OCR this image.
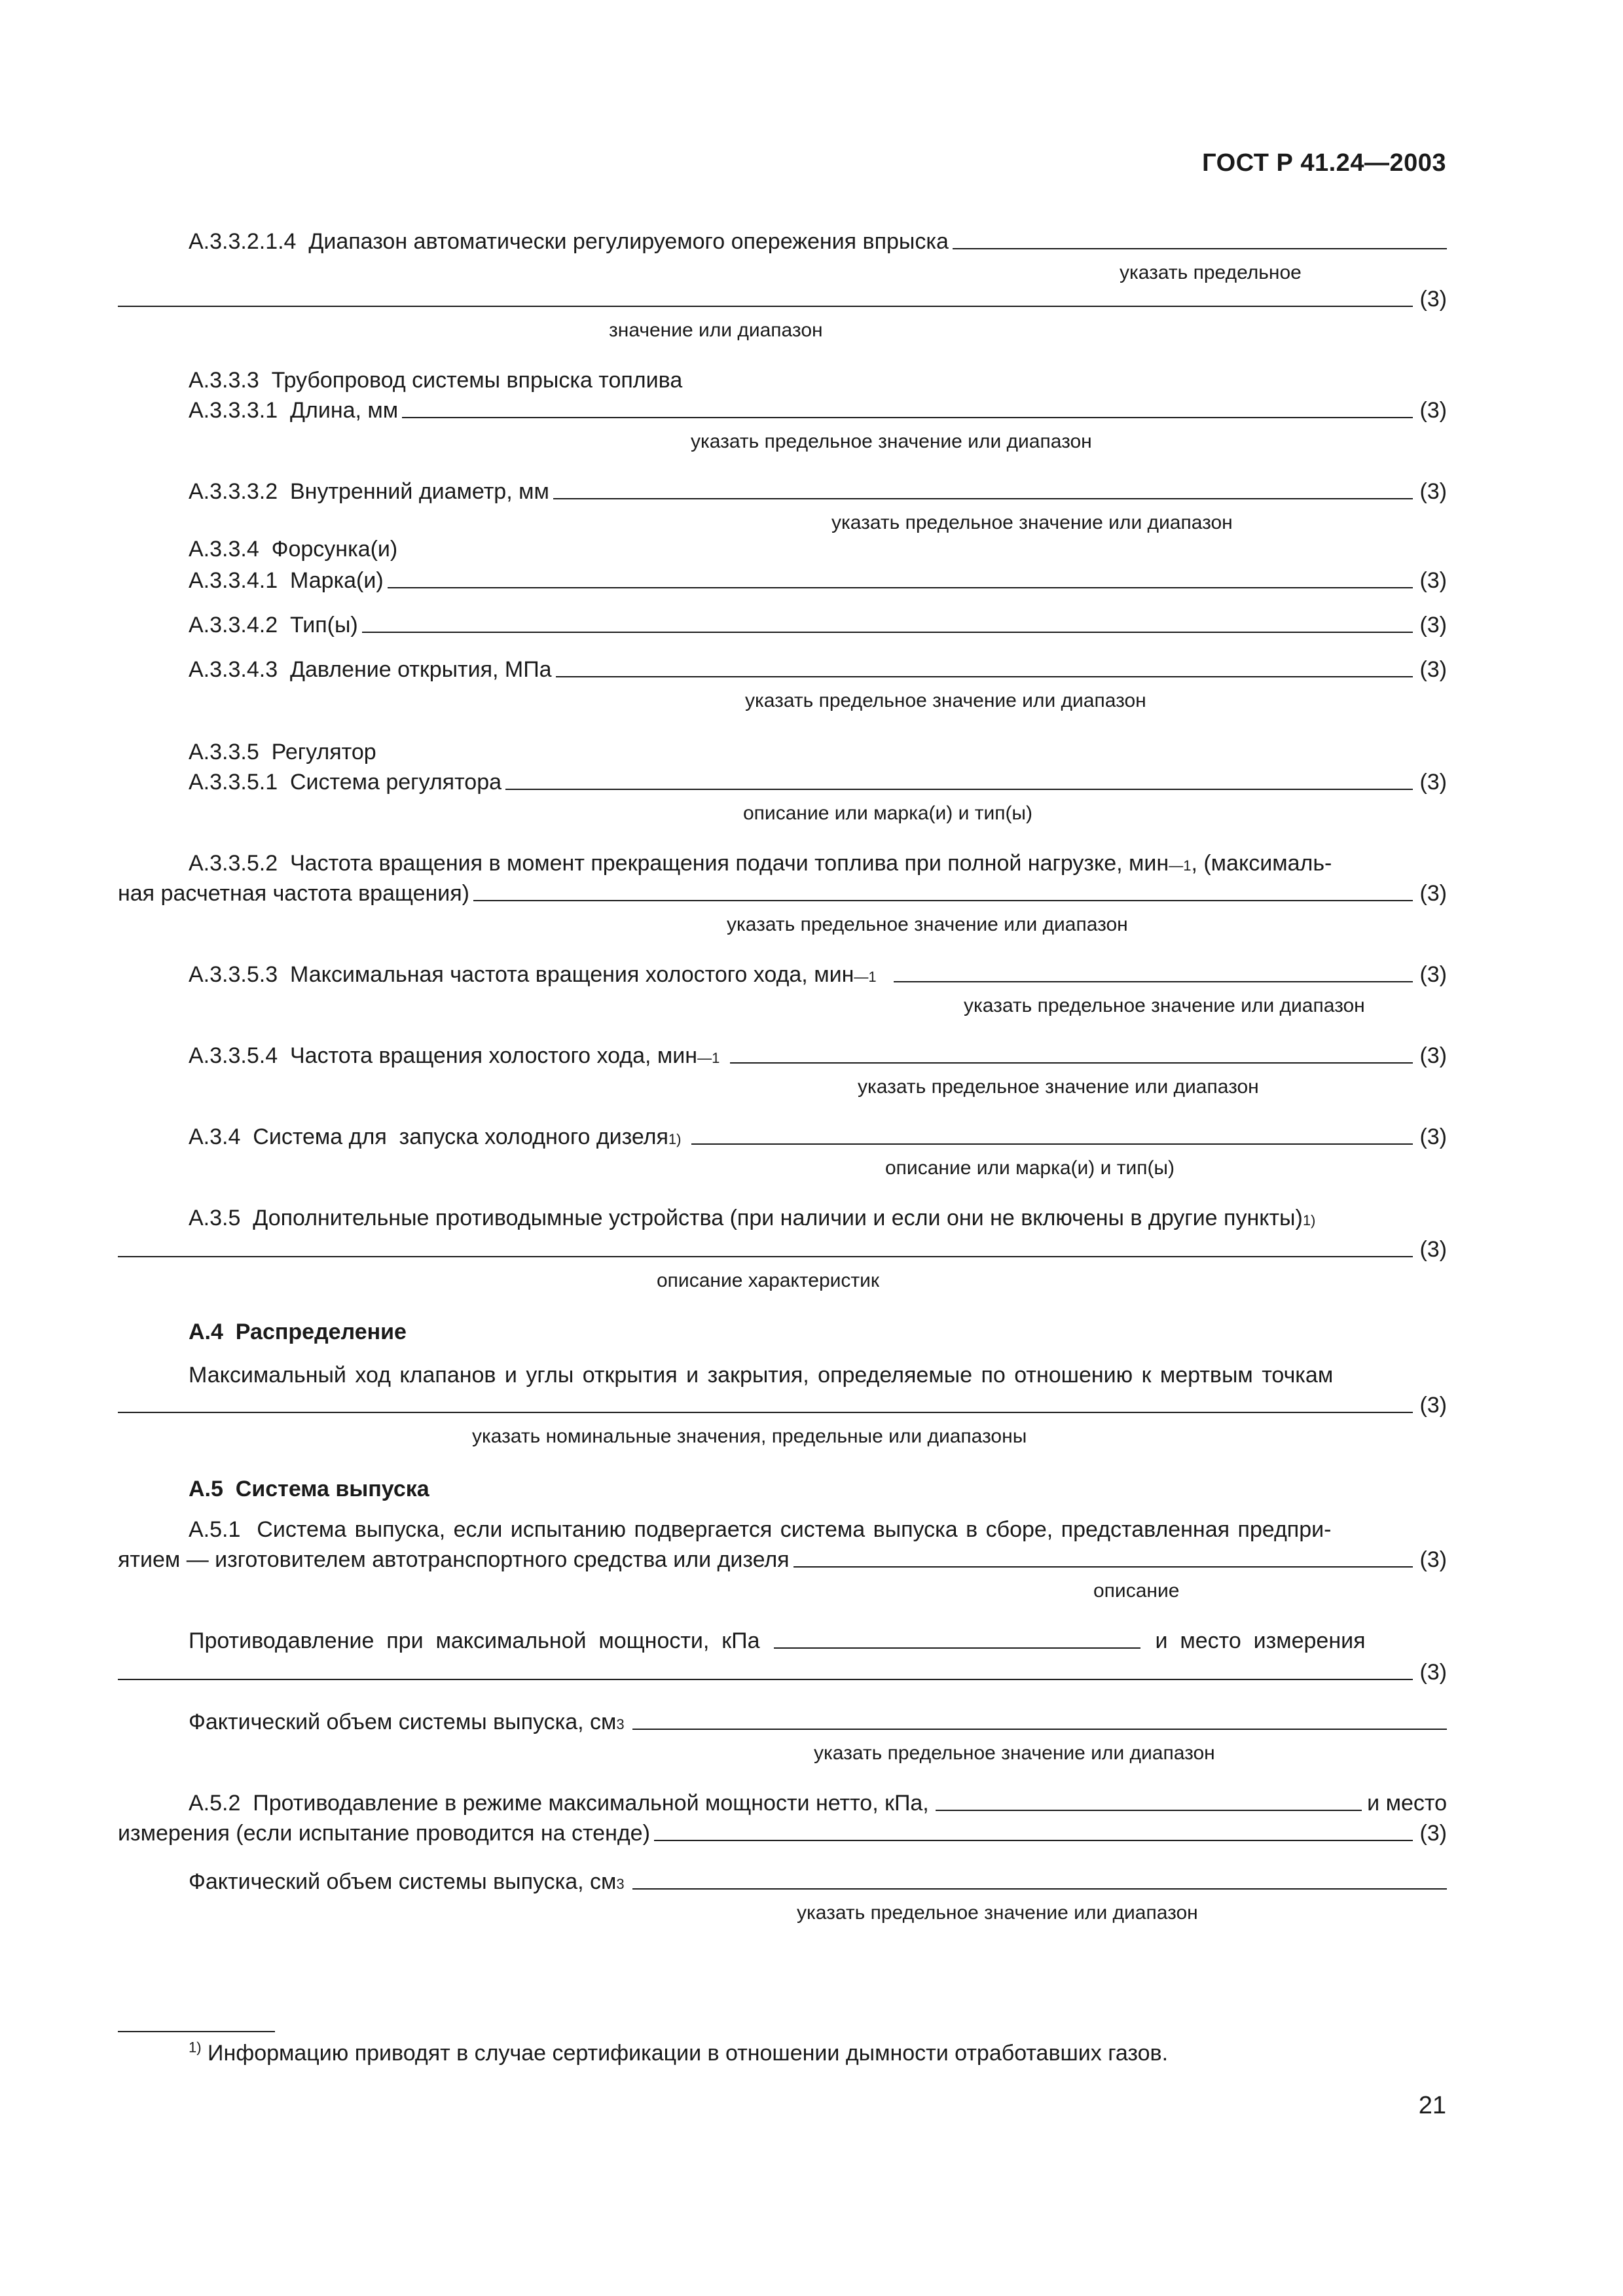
ГОСТ Р 41.24—2003
А.3.3.2.1.4  Диапазон автоматически регулируемого опережения впрыска
указать предельное
(3)
значение или диапазон
А.3.3.3  Трубопровод системы впрыска топлива
А.3.3.3.1  Длина, мм	(3)
указать предельное значение или диапазон
А.3.3.3.2  Внутренний диаметр, мм	(3)
указать предельное значение или диапазон
А.3.3.4  Форсунка(и)
А.3.3.4.1  Марка(и)	(3)
А.3.3.4.2  Тип(ы)	(3)
А.3.3.4.3  Давление открытия, МПа	(3)
указать предельное значение или диапазон
А.3.3.5  Регулятор
А.3.3.5.1  Система регулятора	(3)
описание или марка(и) и тип(ы)
А.3.3.5.2  Частота вращения в момент прекращения подачи топлива при полной нагрузке, мин —1 , (максималь-
ная расчетная частота вращения)	(3)
указать предельное значение или диапазон
А.3.3.5.3  Максимальная частота вращения холостого хода, мин —1	(3)
указать предельное значение или диапазон
А.3.3.5.4  Частота вращения холостого хода, мин —1	(3)
указать предельное значение или диапазон
А.3.4  Система для  запуска холодного дизеля 1)	(3)
описание или марка(и) и тип(ы)
А.3.5  Дополнительные противодымные устройства (при наличии и если они не включены в другие пункты) 1)
(3)
описание характеристик
А.4  Распределение
Максимальный ход клапанов и углы открытия и закрытия, определяемые по отношению к мертвым точкам
(3)
указать номинальные значения, предельные или диапазоны
А.5  Система выпуска
А.5.1  Система выпуска, если испытанию подвергается система выпуска в сборе, представленная предпри-
ятием — изготовителем автотранспортного средства или дизеля	(3)
описание
Противодавление  при  максимальной  мощности,  кПа	и  место  измерения
(3)
Фактический объем системы выпуска, см 3
указать предельное значение или диапазон
А.5.2  Противодавление в режиме максимальной мощности нетто, кПа,	и место
измерения (если испытание проводится на стенде)	(3)
Фактический объем системы выпуска, см 3
указать предельное значение или диапазон
$^{1)}$ Информацию приводят в случае сертификации в отношении дымности отработавших газов.
21
